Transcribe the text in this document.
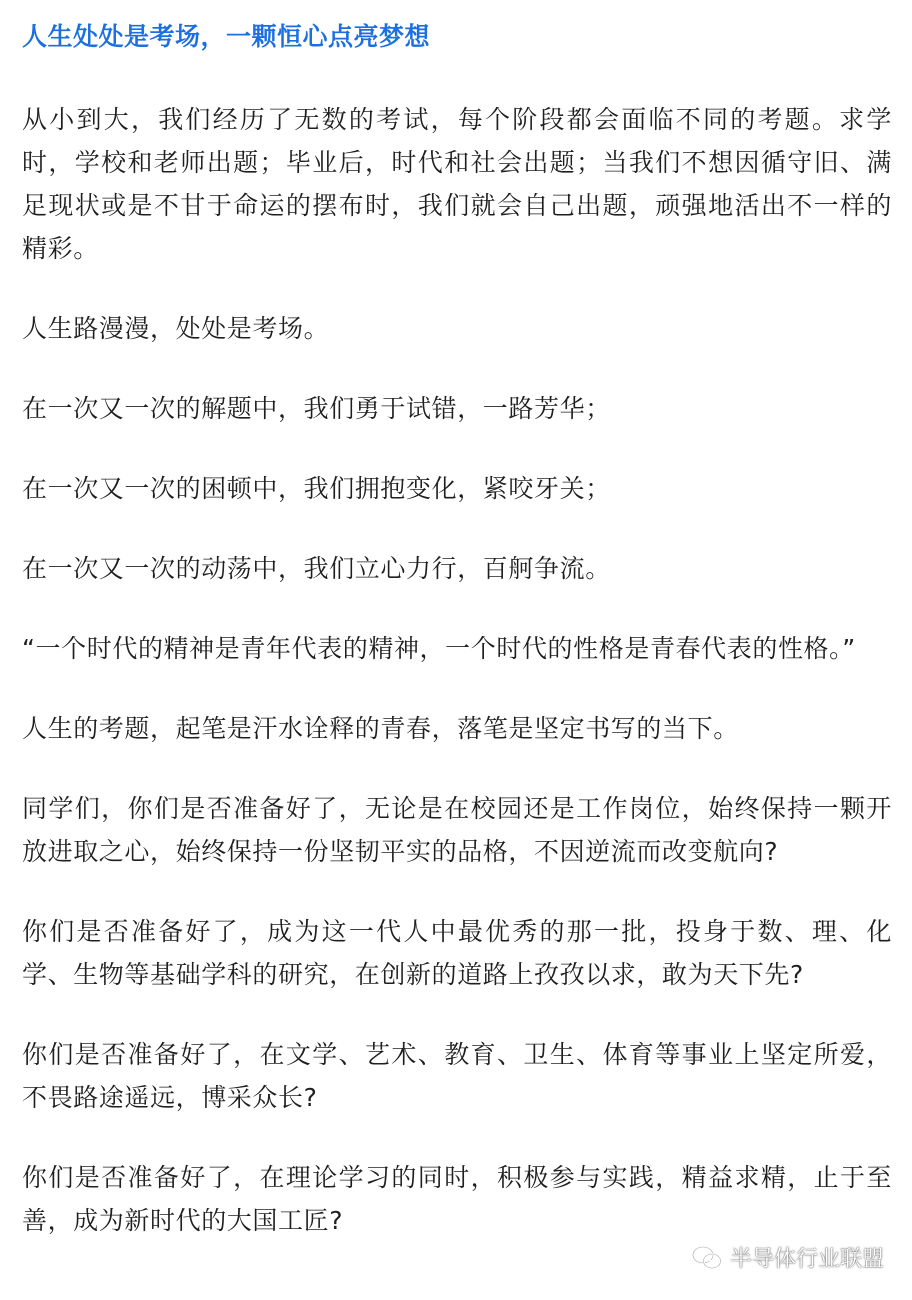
人生处处是考场，一颗恒心点亮梦想

从小到大，我们经历了无数的考试，每个阶段都会面临不同的考题。求学时，学校和老师出题；毕业后，时代和社会出题；当我们不想因循守旧、满足现状或是不甘于命运的摆布时，我们就会自己出题，顽强地活出不一样的精彩。

人生路漫漫，处处是考场。

在一次又一次的解题中，我们勇于试错，一路芳华；

在一次又一次的困顿中，我们拥抱变化，紧咬牙关；

在一次又一次的动荡中，我们立心力行，百舸争流。

“一个时代的精神是青年代表的精神，一个时代的性格是青春代表的性格。”

人生的考题，起笔是汗水诠释的青春，落笔是坚定书写的当下。

同学们，你们是否准备好了，无论是在校园还是工作岗位，始终保持一颗开放进取之心，始终保持一份坚韧平实的品格，不因逆流而改变航向?

你们是否准备好了，成为这一代人中最优秀的那一批，投身于数、理、化学、生物等基础学科的研究，在创新的道路上孜孜以求，敢为天下先?

你们是否准备好了，在文学、艺术、教育、卫生、体育等事业上坚定所爱，不畏路途遥远，博采众长?

你们是否准备好了，在理论学习的同时，积极参与实践，精益求精，止于至善，成为新时代的大国工匠?

半导体行业联盟
